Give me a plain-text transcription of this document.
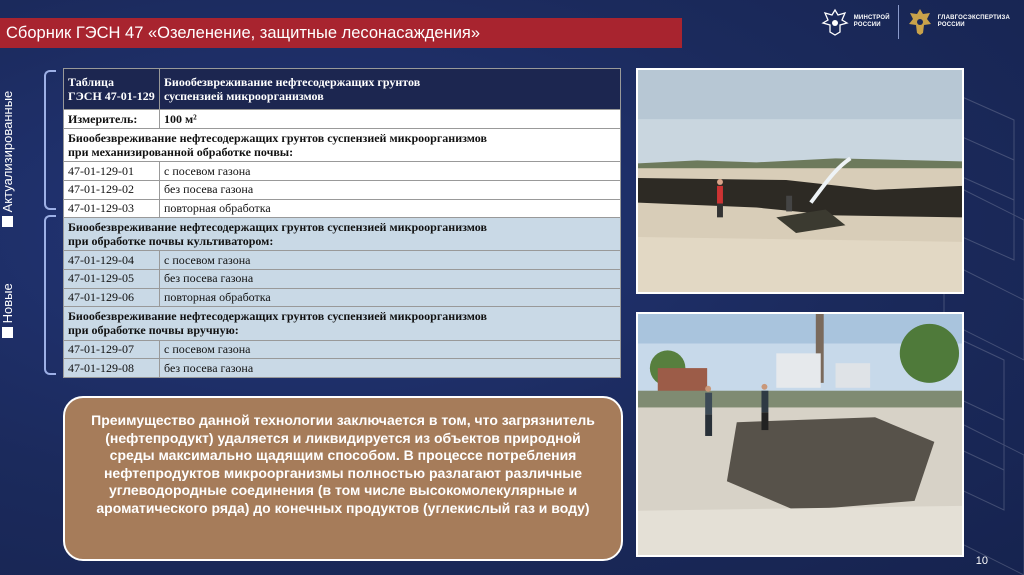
Сборник ГЭСН 47 «Озеленение, защитные лесонасаждения»
МИНСТРОЙ
РОССИИ
ГЛАВГОСЭКСПЕРТИЗА
РОССИИ
Актуализированные
Новые
Таблица
ГЭСН 47-01-129	Биообезвреживание нефтесодержащих грунтов
суспензией микроорганизмов
Измеритель:	100 м²
Биообезвреживание нефтесодержащих грунтов суспензией микроорганизмов
при механизированной обработке почвы:	
47-01-129-01	с посевом газона
47-01-129-02	без посева газона
47-01-129-03	повторная обработка
Биообезвреживание нефтесодержащих грунтов суспензией микроорганизмов
при обработке почвы культиватором:	
47-01-129-04	с посевом газона
47-01-129-05	без посева газона
47-01-129-06	повторная обработка
Биообезвреживание нефтесодержащих грунтов суспензией микроорганизмов
при обработке почвы вручную:	
47-01-129-07	с посевом газона
47-01-129-08	без посева газона
Преимущество данной технологии заключается в том, что загрязнитель (нефтепродукт) удаляется и ликвидируется из объектов природной среды максимально щадящим способом. В процессе потребления нефтепродуктов микроорганизмы полностью разлагают различные углеводородные соединения (в том числе высокомолекулярные и ароматического ряда) до конечных продуктов (углекислый газ и воду)
10
